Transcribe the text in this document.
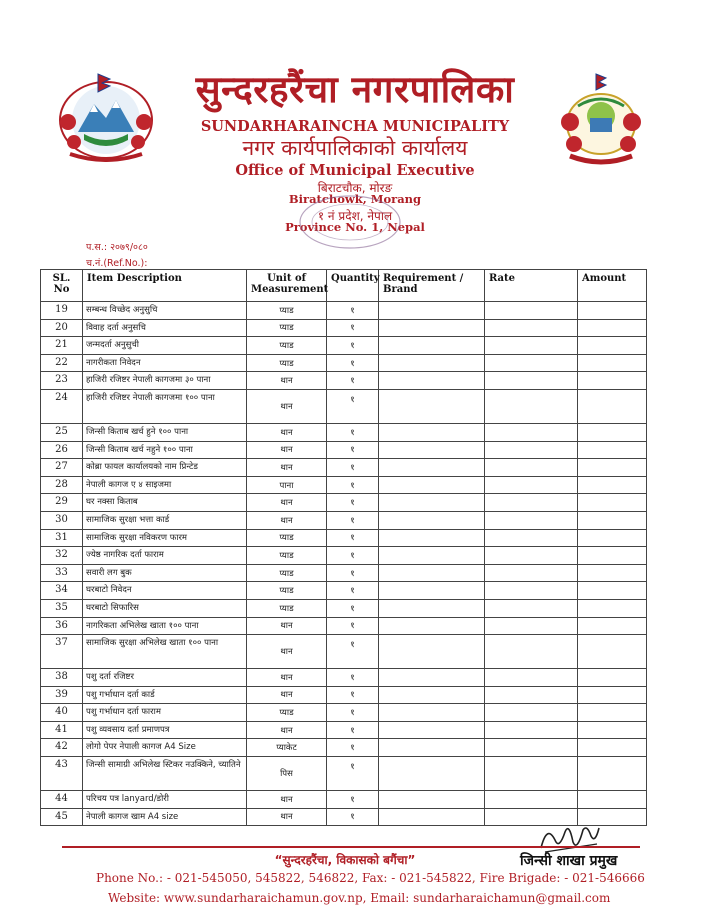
सुन्दरहरैंचा नगरपालिका
SUNDARHARAINCHA MUNICIPALITY
नगर कार्यपालिकाको कार्यालय
Office of Municipal Executive
बिराटचौक, मोरङ
Biratchowk, Morang
१ नं प्रदेश, नेपाल
Province No. 1, Nepal
प.स.: २०७९/०८०
च.नं.(Ref.No.):
SL. No	Item Description	Unit of Measurement	Quantity	Requirement / Brand	Rate	Amount
19	सम्बन्ध विच्छेद अनुसुचि	प्याड	१			
20	विवाह दर्ता अनुसचि	प्याड	१			
21	जन्मदर्ता अनुसुची	प्याड	१			
22	नागरीकता निवेदन	प्याड	१			
23	हाजिरी रजिष्टर नेपाली कागजमा ३० पाना	थान	१			
24	हाजिरी रजिष्टर नेपाली कागजमा १०० पाना	थान	१			
25	जिन्सी किताब खर्च हुने १०० पाना	थान	१			
26	जिन्सी किताब खर्च नहुने १०० पाना	थान	१			
27	कोब्रा फायल कार्यालयको नाम प्रिन्टेड	थान	१			
28	नेपाली कागज ए ४ साइजमा	पाना	१			
29	घर नक्सा किताब	थान	१			
30	सामाजिक सुरक्षा भत्ता कार्ड	थान	१			
31	सामाजिक सुरक्षा नविकरण फारम	प्याड	१			
32	ज्येष्ठ नागरिक दर्ता फाराम	प्याड	१			
33	सवारी लग बुक	प्याड	१			
34	घरबाटो निवेदन	प्याड	१			
35	घरबाटो सिफारिस	प्याड	१			
36	नागरिकता अभिलेख खाता १०० पाना	थान	१			
37	सामाजिक सुरक्षा अभिलेख खाता १०० पाना	थान	१			
38	पशु दर्ता रजिष्टर	थान	१			
39	पशु गर्भाधान दर्ता कार्ड	थान	१			
40	पशु गर्भाधान दर्ता फाराम	प्याड	१			
41	पशु व्यवसाय दर्ता प्रमाणपत्र	थान	१			
42	लोगो पेपर नेपाली कागज A4 Size	प्याकेट	१			
43	जिन्सी सामाग्री अभिलेख स्टिकर नउक्किने, च्यातिने	पिस	१			
44	परिचय पत्र lanyard/डोरी	थान	१			
45	नेपाली कागज खाम A4 size	थान	१			
जिन्सी शाखा प्रमुख
“सुन्दरहरैंचा, विकासको बगैंचा”
Phone No.: - 021-545050, 545822, 546822, Fax: - 021-545822, Fire Brigade: - 021-546666
Website: www.sundarharaichamun.gov.np, Email: sundarharaichamun@gmail.com
